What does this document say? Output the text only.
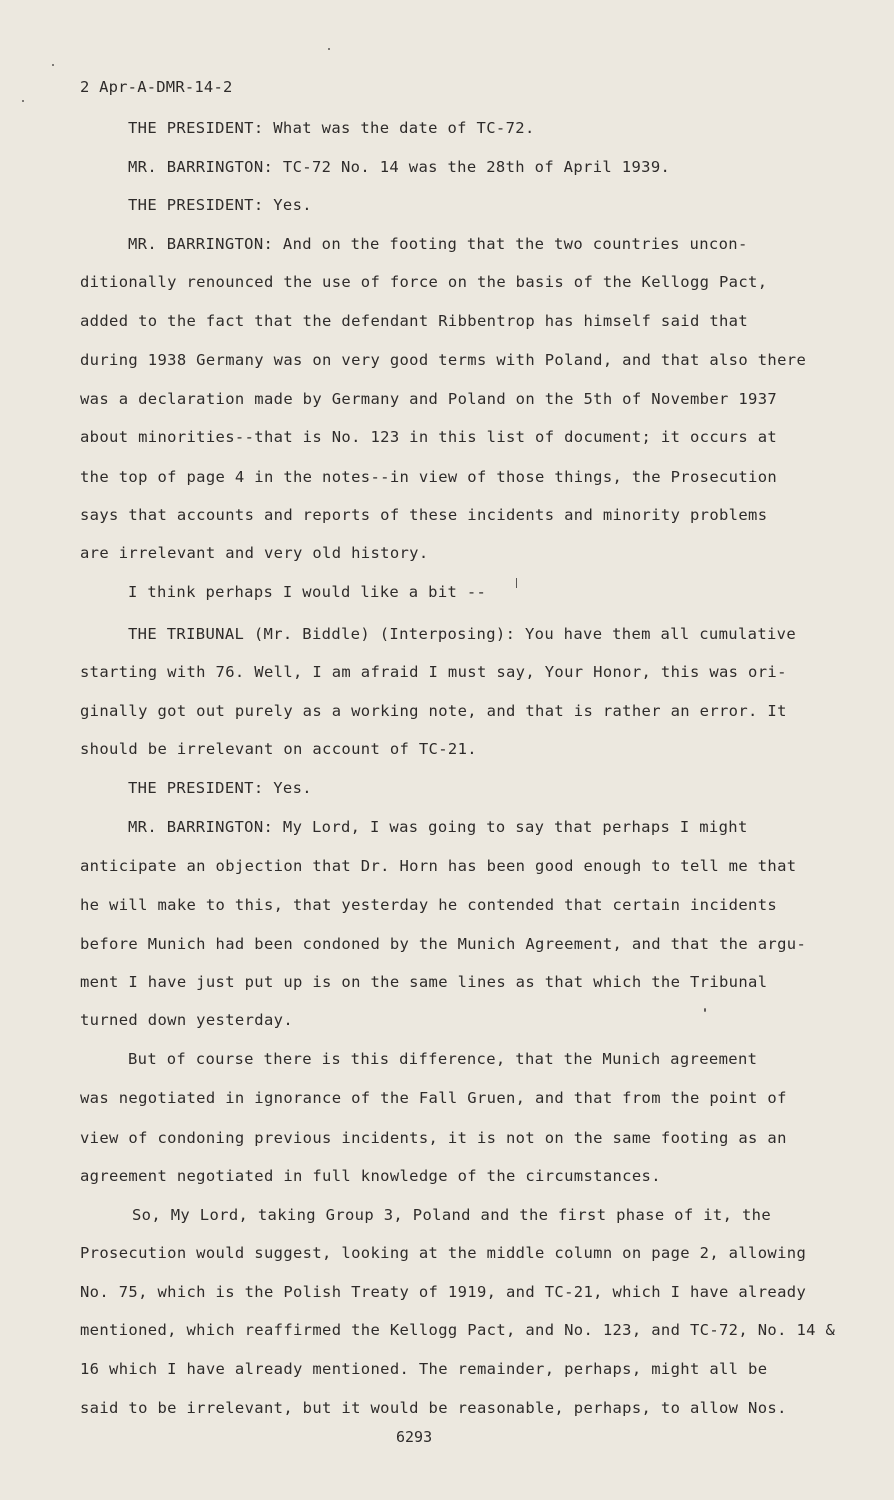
2 Apr-A-DMR-14-2
THE PRESIDENT: What was the date of TC-72.
MR. BARRINGTON: TC-72 No. 14 was the 28th of April 1939.
THE PRESIDENT: Yes.
MR. BARRINGTON: And on the footing that the two countries uncon-
ditionally renounced the use of force on the basis of the Kellogg Pact,
added to the fact that the defendant Ribbentrop has himself said that
during 1938 Germany was on very good terms with Poland, and that also there
was a declaration made by Germany and Poland on the 5th of November 1937
about minorities--that is No. 123 in this list of document; it occurs at
the top of page 4 in the notes--in view of those things, the Prosecution
says that accounts and reports of these incidents and minority problems
are irrelevant and very old history.
I think perhaps I would like a bit --
THE TRIBUNAL (Mr. Biddle) (Interposing): You have them all cumulative
starting with 76. Well, I am afraid I must say, Your Honor, this was ori-
ginally got out purely as a working note, and that is rather an error. It
should be irrelevant on account of TC-21.
THE PRESIDENT: Yes.
MR. BARRINGTON: My Lord, I was going to say that perhaps I might
anticipate an objection that Dr. Horn has been good enough to tell me that
he will make to this, that yesterday he contended that certain incidents
before Munich had been condoned by the Munich Agreement, and that the argu-
ment I have just put up is on the same lines as that which the Tribunal
turned down yesterday.
But of course there is this difference, that the Munich agreement
was negotiated in ignorance of the Fall Gruen, and that from the point of
view of condoning previous incidents, it is not on the same footing as an
agreement negotiated in full knowledge of the circumstances.
So, My Lord, taking Group 3, Poland and the first phase of it, the
Prosecution would suggest, looking at the middle column on page 2, allowing
No. 75, which is the Polish Treaty of 1919, and TC-21, which I have already
mentioned, which reaffirmed the Kellogg Pact, and No. 123, and TC-72, No. 14 &
16 which I have already mentioned. The remainder, perhaps, might all be
said to be irrelevant, but it would be reasonable, perhaps, to allow Nos.
6293
